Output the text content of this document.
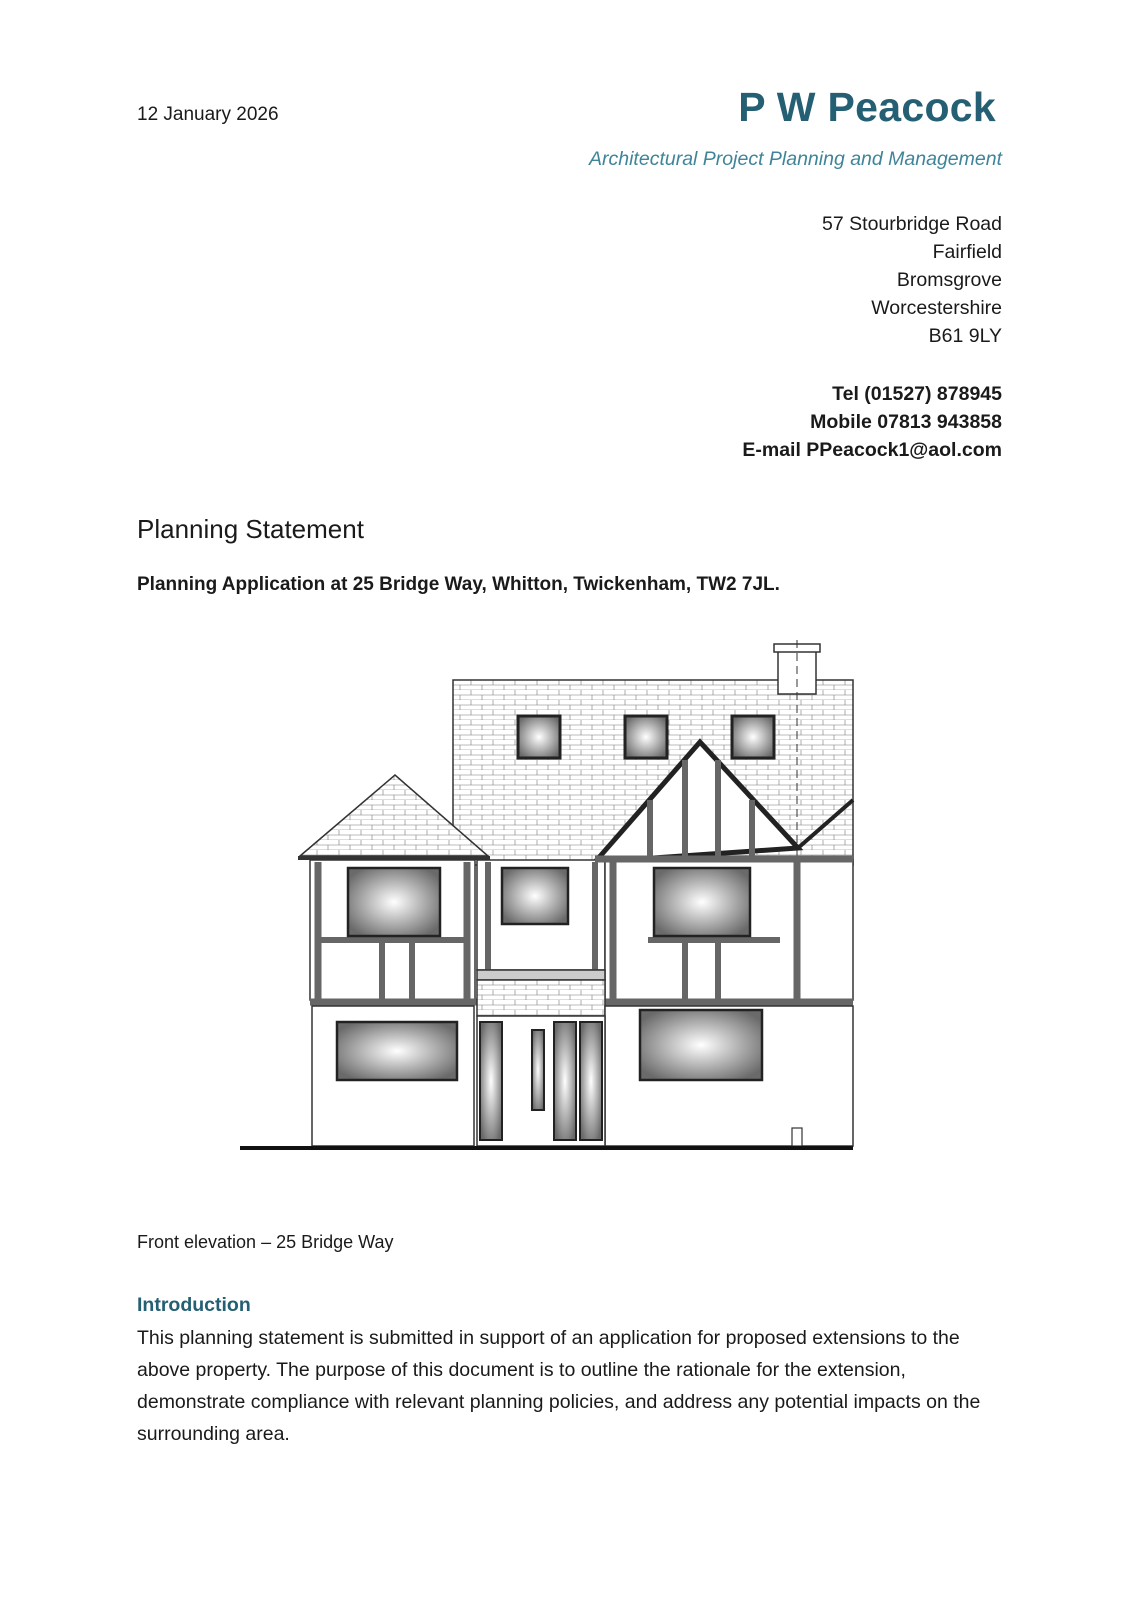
12 January 2026	P W Peacock
Architectural Project Planning and Management
57 Stourbridge Road
Fairfield
Bromsgrove
Worcestershire
B61 9LY
Tel (01527) 878945
Mobile 07813 943858
E-mail PPeacock1@aol.com
Planning Statement
Planning Application at 25 Bridge Way, Whitton, Twickenham, TW2 7JL.
Front elevation – 25 Bridge Way
Introduction

This planning statement is submitted in support of an application for proposed extensions to the above property. The purpose of this document is to outline the rationale for the extension, demonstrate compliance with relevant planning policies, and address any potential impacts on the surrounding area.
